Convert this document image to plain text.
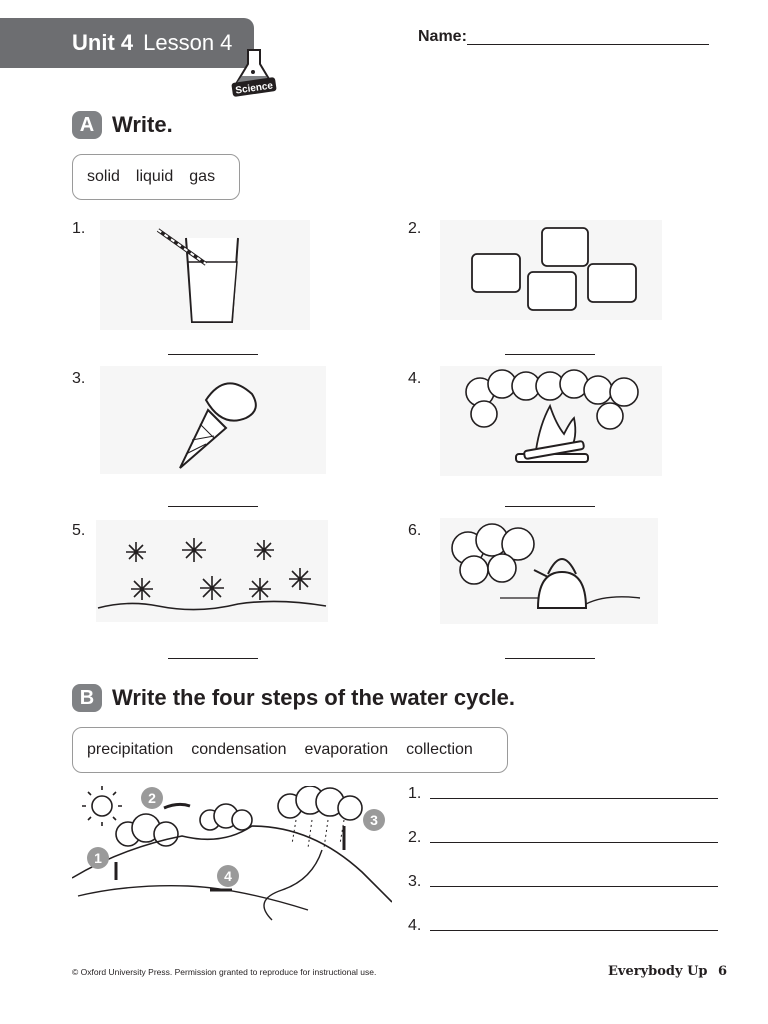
Unit 4 Lesson 4
Science
Name:
A Write.
solid liquid gas
1.	2.
3.	4.
5.	6.
B Write the four steps of the water cycle.
precipitation condensation evaporation collection
1
2
3
4
1.
2.
3.
4.
© Oxford University Press. Permission granted to reproduce for instructional use.	Everybody Up 6
